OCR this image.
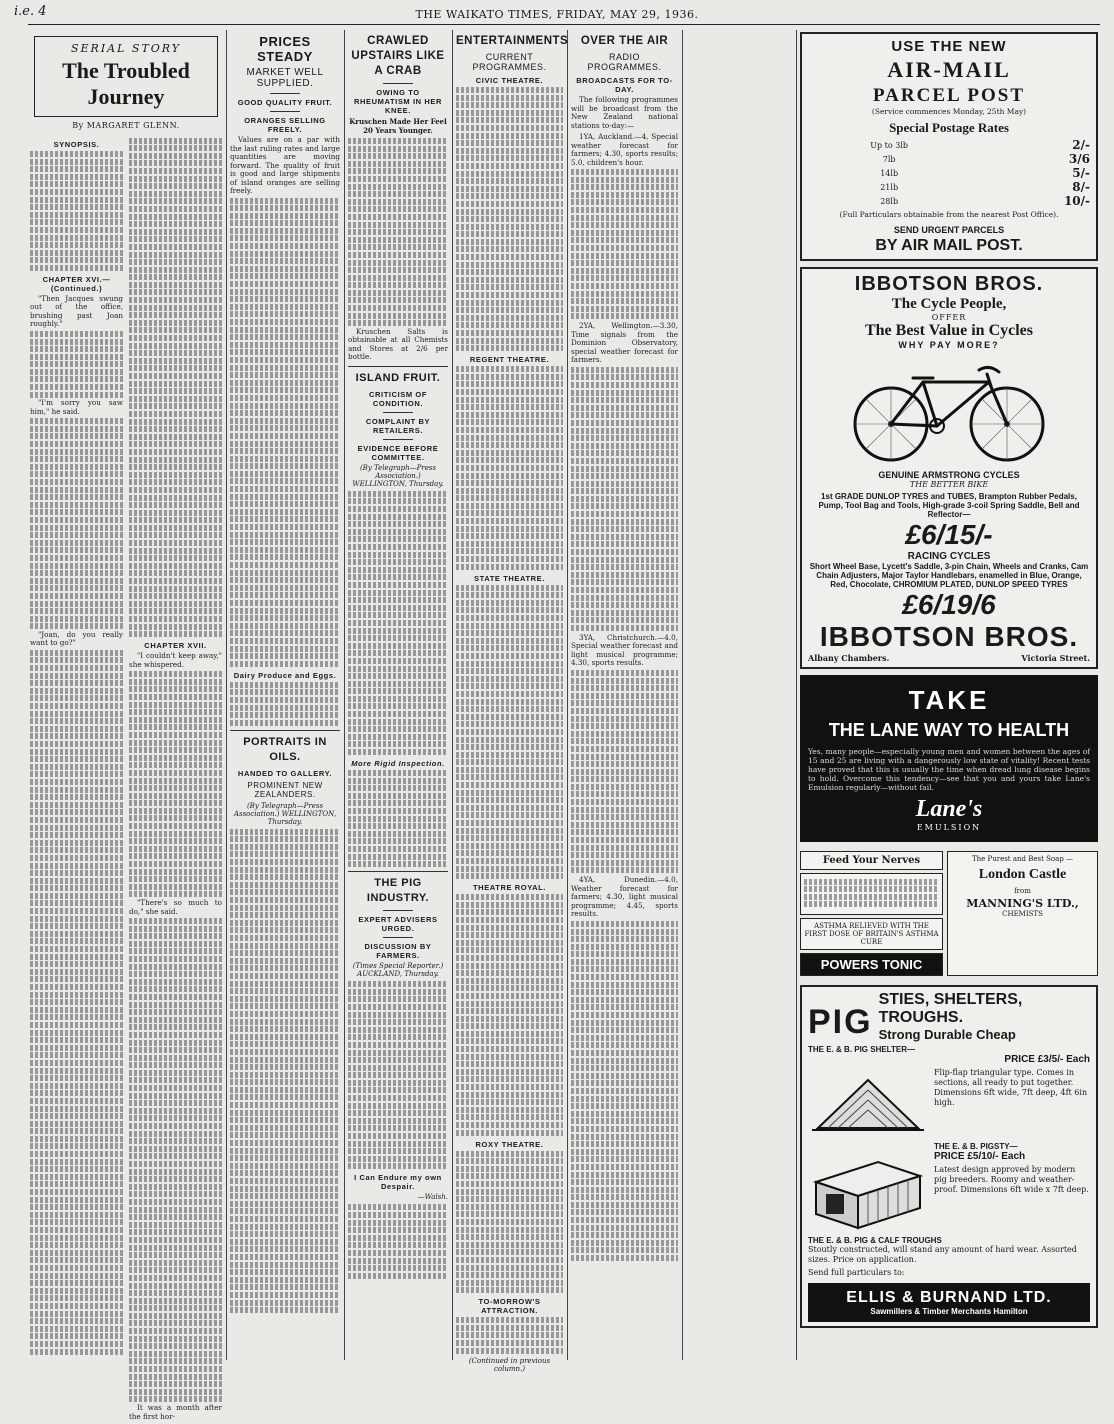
i.e. 4	THE WAIKATO TIMES, FRIDAY, MAY 29, 1936.
SERIAL STORY
The Troubled Journey
By MARGARET GLENN.
SYNOPSIS.
CHAPTER XVI.—(Continued.)

"Then Jacques swung out of the office, brushing past Joan roughly."

"I'm sorry you saw him," he said.

"Joan, do you really want to go?"	CHAPTER XVII.

"I couldn't keep away," she whispered.

"There's so much to do," she said.

It was a month after the first hor-

PRICES STEADY
MARKET WELL SUPPLIED.
GOOD QUALITY FRUIT.
ORANGES SELLING FREELY.

Values are on a par with the last ruling rates and large quantities are moving forward. The quality of fruit is good and large shipments of island oranges are selling freely.

Dairy Produce and Eggs.
PORTRAITS IN OILS.
HANDED TO GALLERY.
PROMINENT NEW ZEALANDERS.
(By Telegraph—Press Association.) WELLINGTON, Thursday.
CRAWLED UPSTAIRS LIKE A CRAB
OWING TO RHEUMATISM IN HER KNEE.
Kruschen Made Her Feel 20 Years Younger.

Kruschen Salts is obtainable at all Chemists and Stores at 2/6 per bottle.

ISLAND FRUIT.
CRITICISM OF CONDITION.
COMPLAINT BY RETAILERS.
EVIDENCE BEFORE COMMITTEE.
(By Telegraph—Press Association.) WELLINGTON, Thursday.
More Rigid Inspection.
THE PIG INDUSTRY.
EXPERT ADVISERS URGED.
DISCUSSION BY FARMERS.
(Times Special Reporter.) AUCKLAND, Thursday.
I Can Endure my own Despair.
—Walsh.
ENTERTAINMENTS
CURRENT PROGRAMMES.
CIVIC THEATRE.
REGENT THEATRE.
STATE THEATRE.
THEATRE ROYAL.
ROXY THEATRE.
TO-MORROW'S ATTRACTION.
(Continued in previous column.)
OVER THE AIR
RADIO PROGRAMMES.
BROADCASTS FOR TO-DAY.

The following programmes will be broadcast from the New Zealand national stations to-day:—

1YA, Auckland.—4, Special weather forecast for farmers; 4.30, sports results; 5.0, children's hour.

2YA, Wellington.—3.30, Time signals from the Dominion Observatory, special weather forecast for farmers.

3YA, Christchurch.—4.0, Special weather forecast and light musical programme; 4.30, sports results.

4YA, Dunedin.—4.0, Weather forecast for farmers; 4.30, light musical programme; 4.45, sports results.

USE THE NEW
AIR-MAIL
PARCEL POST
(Service commences Monday, 25th May)
Special Postage Rates
Up to 3lb	2/-
7lb	3/6
14lb	5/-
21lb	8/-
28lb	10/-
(Full Particulars obtainable from the nearest Post Office).
SEND URGENT PARCELS
BY AIR MAIL POST.
IBBOTSON BROS.
The Cycle People,
OFFER
The Best Value in Cycles
WHY PAY MORE?
GENUINE ARMSTRONG CYCLES
THE BETTER BIKE
1st GRADE DUNLOP TYRES and TUBES, Brampton Rubber Pedals, Pump, Tool Bag and Tools, High-grade 3-coil Spring Saddle, Bell and Reflector—
£6/15/-
RACING CYCLES
Short Wheel Base, Lycett's Saddle, 3-pin Chain, Wheels and Cranks, Cam Chain Adjusters, Major Taylor Handlebars, enamelled in Blue, Orange, Red, Chocolate, CHROMIUM PLATED, DUNLOP SPEED TYRES
£6/19/6
IBBOTSON BROS.
Albany Chambers.	Victoria Street.
TAKE
THE LANE WAY TO HEALTH
Yes, many people—especially young men and women between the ages of 15 and 25 are living with a dangerously low state of vitality! Recent tests have proved that this is usually the time when dread lung disease begins to hold. Overcome this tendency—see that you and yours take Lane's Emulsion regularly—without fail.
Lane's
EMULSION
Feed Your Nerves
ASTHMA RELIEVED WITH THE FIRST DOSE OF BRITAIN'S ASTHMA CURE
POWERS TONIC
The Purest and Best Soap —
London Castle
from
MANNING'S LTD.,
CHEMISTS
PIG
STIES, SHELTERS, TROUGHS.
Strong Durable Cheap
THE E. & B. PIG SHELTER—
PRICE £3/5/- Each
Flip-flap triangular type. Comes in sections, all ready to put together. Dimensions 6ft wide, 7ft deep, 4ft 6in high.
THE E. & B. PIGSTY—
PRICE £5/10/- Each
Latest design approved by modern pig breeders. Roomy and weather-proof. Dimensions 6ft wide x 7ft deep.
THE E. & B. PIG & CALF TROUGHS
Stoutly constructed, will stand any amount of hard wear. Assorted sizes. Price on application.
Send full particulars to:
ELLIS & BURNAND LTD.
Sawmillers & Timber Merchants Hamilton
